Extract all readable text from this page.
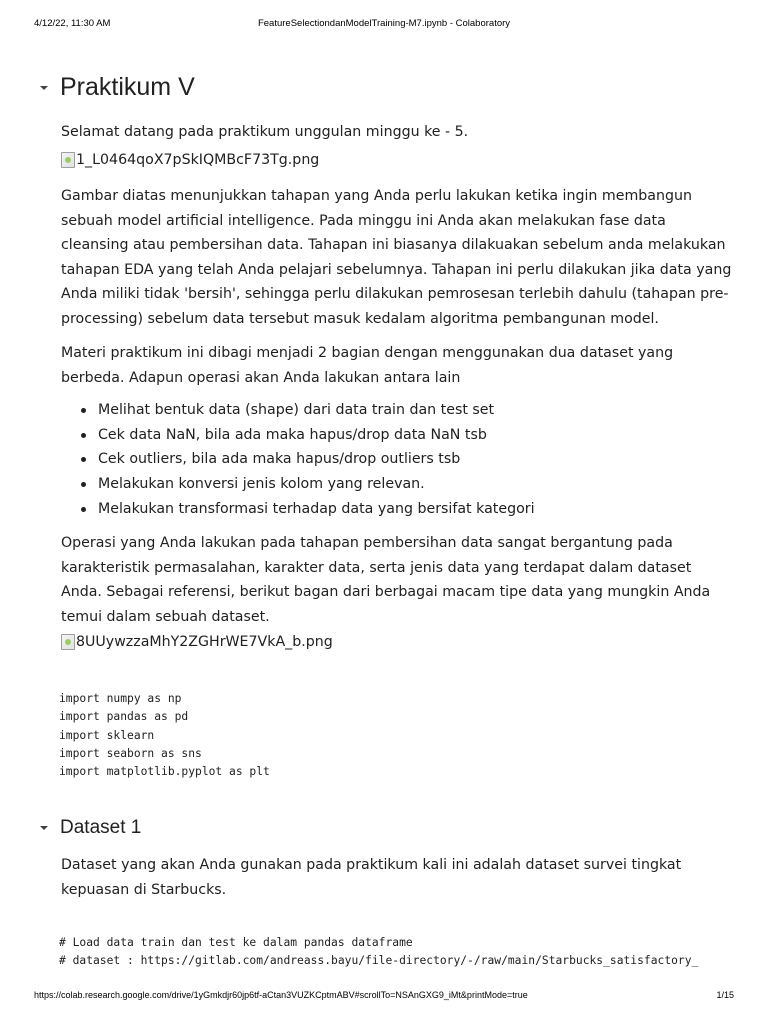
4/12/22, 11:30 AM	FeatureSelectiondanModelTraining-M7.ipynb - Colaboratory
Praktikum V
Selamat datang pada praktikum unggulan minggu ke - 5.
1_L0464qoX7pSkIQMBcF73Tg.png
Gambar diatas menunjukkan tahapan yang Anda perlu lakukan ketika ingin membangun sebuah model artificial intelligence. Pada minggu ini Anda akan melakukan fase data cleansing atau pembersihan data. Tahapan ini biasanya dilakuakan sebelum anda melakukan tahapan EDA yang telah Anda pelajari sebelumnya. Tahapan ini perlu dilakukan jika data yang Anda miliki tidak 'bersih', sehingga perlu dilakukan pemrosesan terlebih dahulu (tahapan pre-processing) sebelum data tersebut masuk kedalam algoritma pembangunan model.
Materi praktikum ini dibagi menjadi 2 bagian dengan menggunakan dua dataset yang berbeda. Adapun operasi akan Anda lakukan antara lain
Melihat bentuk data (shape) dari data train dan test set
Cek data NaN, bila ada maka hapus/drop data NaN tsb
Cek outliers, bila ada maka hapus/drop outliers tsb
Melakukan konversi jenis kolom yang relevan.
Melakukan transformasi terhadap data yang bersifat kategori
Operasi yang Anda lakukan pada tahapan pembersihan data sangat bergantung pada karakteristik permasalahan, karakter data, serta jenis data yang terdapat dalam dataset Anda. Sebagai referensi, berikut bagan dari berbagai macam tipe data yang mungkin Anda temui dalam sebuah dataset.
8UUywzzaMhY2ZGHrWE7VkA_b.png
import numpy as np
import pandas as pd
import sklearn
import seaborn as sns
import matplotlib.pyplot as plt
Dataset 1
Dataset yang akan Anda gunakan pada praktikum kali ini adalah dataset survei tingkat kepuasan di Starbucks.
# Load data train dan test ke dalam pandas dataframe
# dataset : https://gitlab.com/andreass.bayu/file-directory/-/raw/main/Starbucks_satisfactory_
https://colab.research.google.com/drive/1yGmkdjr60jp6tf-aCtan3VUZKCptmABV#scrollTo=NSAnGXG9_iMt&printMode=true	1/15
